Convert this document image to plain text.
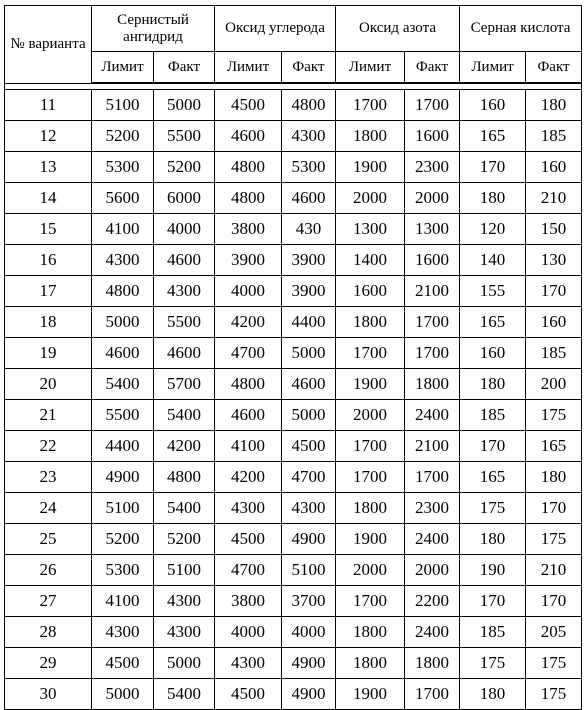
№ варианта	Сернистый ангидрид		Оксид углерода		Оксид азота		Серная кислота	
	Лимит	Факт	Лимит	Факт	Лимит	Факт	Лимит	Факт

11	5100	5000	4500	4800	1700	1700	160	180
12	5200	5500	4600	4300	1800	1600	165	185
13	5300	5200	4800	5300	1900	2300	170	160
14	5600	6000	4800	4600	2000	2000	180	210
15	4100	4000	3800	430	1300	1300	120	150
16	4300	4600	3900	3900	1400	1600	140	130
17	4800	4300	4000	3900	1600	2100	155	170
18	5000	5500	4200	4400	1800	1700	165	160
19	4600	4600	4700	5000	1700	1700	160	185
20	5400	5700	4800	4600	1900	1800	180	200
21	5500	5400	4600	5000	2000	2400	185	175
22	4400	4200	4100	4500	1700	2100	170	165
23	4900	4800	4200	4700	1700	1700	165	180
24	5100	5400	4300	4300	1800	2300	175	170
25	5200	5200	4500	4900	1900	2400	180	175
26	5300	5100	4700	5100	2000	2000	190	210
27	4100	4300	3800	3700	1700	2200	170	170
28	4300	4300	4000	4000	1800	2400	185	205
29	4500	5000	4300	4900	1800	1800	175	175
30	5000	5400	4500	4900	1900	1700	180	175
